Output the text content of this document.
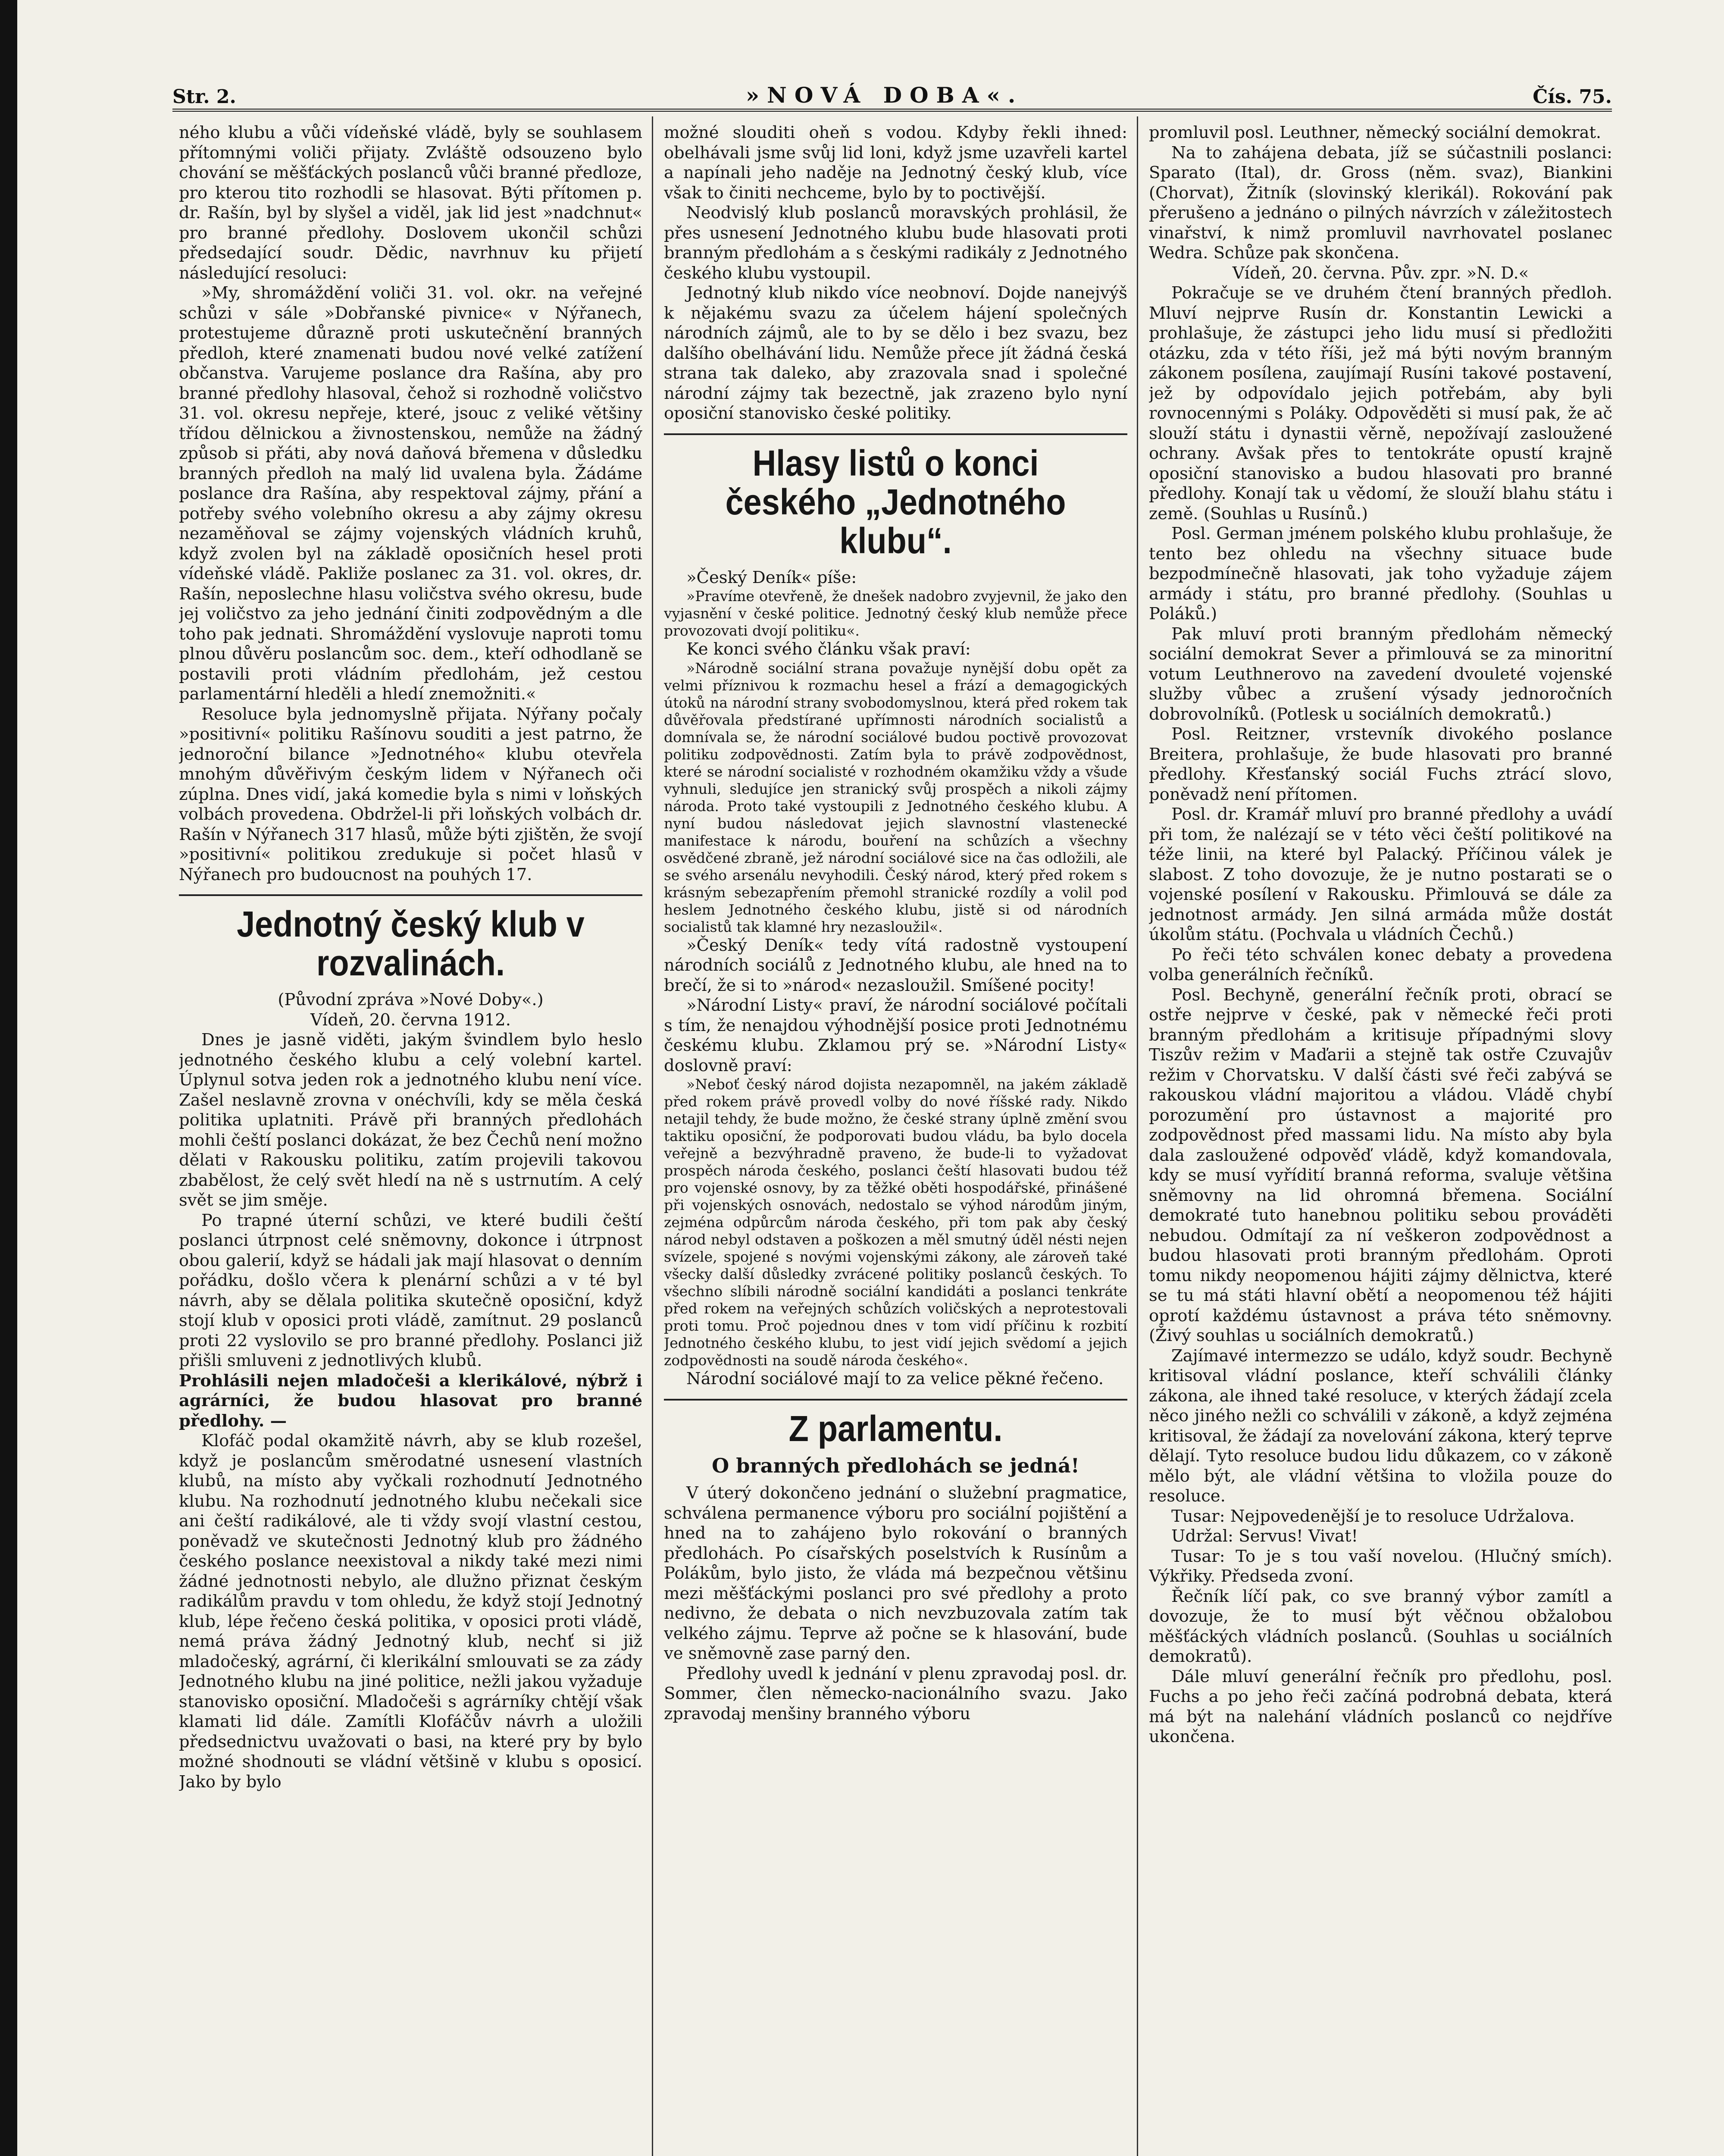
Str. 2.	»NOVÁ DOBA«.	Čís. 75.

ného klubu a vůči vídeňské vládě, byly se souhlasem přítomnými voliči přijaty. Zvláště odsouzeno bylo chování se měšťáckých poslanců vůči branné předloze, pro kterou tito rozhodli se hlasovat. Býti přítomen p. dr. Rašín, byl by slyšel a viděl, jak lid jest »nadchnut« pro branné předlohy. Doslovem ukončil schůzi předsedající soudr. Dědic, navrhnuv ku přijetí následující resoluci:

»My, shromáždění voliči 31. vol. okr. na veřejné schůzi v sále »Dobřanské pivnice« v Nýřanech, protestujeme důrazně proti uskutečnění branných předloh, které znamenati budou nové velké zatížení občanstva. Varujeme poslance dra Rašína, aby pro branné předlohy hlasoval, čehož si rozhodně voličstvo 31. vol. okresu nepřeje, které, jsouc z veliké většiny třídou dělnickou a živnostenskou, nemůže na žádný způsob si přáti, aby nová daňová břemena v důsledku branných předloh na malý lid uvalena byla. Žádáme poslance dra Rašína, aby respektoval zájmy, přání a potřeby svého volebního okresu a aby zájmy okresu nezaměňoval se zájmy vojenských vládních kruhů, když zvolen byl na základě oposičních hesel proti vídeňské vládě. Pakliže poslanec za 31. vol. okres, dr. Rašín, neposlechne hlasu voličstva svého okresu, bude jej voličstvo za jeho jednání činiti zodpovědným a dle toho pak jednati. Shromáždění vyslovuje naproti tomu plnou důvěru poslancům soc. dem., kteří odhodlaně se postavili proti vládním předlohám, jež cestou parlamentární hleděli a hledí znemožniti.«

Resoluce byla jednomyslně přijata. Nýřany počaly »positivní« politiku Rašínovu souditi a jest patrno, že jednoroční bilance »Jednotného« klubu otevřela mnohým důvěřivým českým lidem v Nýřanech oči zúplna. Dnes vidí, jaká komedie byla s nimi v loňských volbách provedena. Obdržel-li při loňských volbách dr. Rašín v Nýřanech 317 hlasů, může býti zjištěn, že svojí »positivní« politikou zredukuje si počet hlasů v Nýřanech pro budoucnost na pouhých 17.

Jednotný český klub v rozvalinách.

(Původní zpráva »Nové Doby«.)

Vídeň, 20. června 1912.

Dnes je jasně viděti, jakým švindlem bylo heslo jednotného českého klubu a celý volební kartel. Úplynul sotva jeden rok a jednotného klubu není více. Zašel neslavně zrovna v onéchvíli, kdy se měla česká politika uplatniti. Právě při branných předlohách mohli čeští poslanci dokázat, že bez Čechů není možno dělati v Rakousku politiku, zatím projevili takovou zbabělost, že celý svět hledí na ně s ustrnutím. A celý svět se jim směje.

Po trapné úterní schůzi, ve které budili čeští poslanci útrpnost celé sněmovny, dokonce i útrpnost obou galerií, když se hádali jak mají hlasovat o denním pořádku, došlo včera k plenární schůzi a v té byl návrh, aby se dělala politika skutečně oposiční, když stojí klub v oposici proti vládě, zamítnut. 29 poslanců proti 22 vyslovilo se pro branné předlohy. Poslanci již přišli smluveni z jednotlivých klubů.

Prohlásili nejen mladočeši a klerikálové, nýbrž i agrárníci, že budou hlasovat pro branné předlohy. —

Klofáč podal okamžitě návrh, aby se klub rozešel, když je poslancům směrodatné usnesení vlastních klubů, na místo aby vyčkali rozhodnutí Jednotného klubu. Na rozhodnutí jednotného klubu nečekali sice ani čeští radikálové, ale ti vždy svojí vlastní cestou, poněvadž ve skutečnosti Jednotný klub pro žádného českého poslance neexistoval a nikdy také mezi nimi žádné jednotnosti nebylo, ale dlužno přiznat českým radikálům pravdu v tom ohledu, že když stojí Jednotný klub, lépe řečeno česká politika, v oposici proti vládě, nemá práva žádný Jednotný klub, nechť si již mladočeský, agrární, či klerikální smlouvati se za zády Jednotného klubu na jiné politice, nežli jakou vyžaduje stanovisko oposiční. Mladočeši s agrárníky chtějí však klamati lid dále. Zamítli Klofáčův návrh a uložili předsednictvu uvažovati o basi, na které pry by bylo možné shodnouti se vládní většině v klubu s oposicí. Jako by bylo

možné slouditi oheň s vodou. Kdyby řekli ihned: obelhávali jsme svůj lid loni, když jsme uzavřeli kartel a napínali jeho naděje na Jednotný český klub, více však to činiti nechceme, bylo by to poctivější.

Neodvislý klub poslanců moravských prohlásil, že přes usnesení Jednotného klubu bude hlasovati proti branným předlohám a s českými radikály z Jednotného českého klubu vystoupil.

Jednotný klub nikdo více neobnoví. Dojde nanejvýš k nějakému svazu za účelem hájení společných národních zájmů, ale to by se dělo i bez svazu, bez dalšího obelhávání lidu. Nemůže přece jít žádná česká strana tak daleko, aby zrazovala snad i společné národní zájmy tak bezectně, jak zrazeno bylo nyní oposiční stanovisko české politiky.

Hlasy listů o konci českého „Jednotného klubu“.

»Český Deník« píše:

»Pravíme otevřeně, že dnešek nadobro zvyjevnil, že jako den vyjasnění v české politice. Jednotný český klub nemůže přece provozovati dvojí politiku«.

Ke konci svého článku však praví:

»Národně sociální strana považuje nynější dobu opět za velmi příznivou k rozmachu hesel a frází a demagogických útoků na národní strany svobodomyslnou, která před rokem tak důvěřovala předstírané upřímnosti národních socialistů a domnívala se, že národní sociálové budou poctivě provozovat politiku zodpovědnosti. Zatím byla to právě zodpovědnost, které se národní socialisté v rozhodném okamžiku vždy a všude vyhnuli, sledujíce jen stranický svůj prospěch a nikoli zájmy národa. Proto také vystoupili z Jednotného českého klubu. A nyní budou následovat jejich slavnostní vlastenecké manifestace k národu, bouření na schůzích a všechny osvědčené zbraně, jež národní sociálové sice na čas odložili, ale se svého arsenálu nevyhodili. Český národ, který před rokem s krásným sebezapřením přemohl stranické rozdíly a volil pod heslem Jednotného českého klubu, jistě si od národních socialistů tak klamné hry nezasloužil«.

»Český Deník« tedy vítá radostně vystoupení národních sociálů z Jednotného klubu, ale hned na to brečí, že si to »národ« nezasloužil. Smíšené pocity!

»Národní Listy« praví, že národní sociálové počítali s tím, že nenajdou výhodnější posice proti Jednotnému českému klubu. Zklamou prý se. »Národní Listy« doslovně praví:

»Neboť český národ dojista nezapomněl, na jakém základě před rokem právě provedl volby do nové říšské rady. Nikdo netajil tehdy, že bude možno, že české strany úplně změní svou taktiku oposiční, že podporovati budou vládu, ba bylo docela veřejně a bezvýhradně praveno, že bude-li to vyžadovat prospěch národa českého, poslanci čeští hlasovati budou též pro vojenské osnovy, by za těžké oběti hospodářské, přinášené při vojenských osnovách, nedostalo se výhod národům jiným, zejména odpůrcům národa českého, při tom pak aby český národ nebyl odstaven a poškozen a měl smutný úděl nésti nejen svízele, spojené s novými vojenskými zákony, ale zároveň také všecky další důsledky zvrácené politiky poslanců českých. To všechno slíbili národně sociální kandidáti a poslanci tenkráte před rokem na veřejných schůzích voličských a neprotestovali proti tomu. Proč pojednou dnes v tom vidí příčinu k rozbití Jednotného českého klubu, to jest vidí jejich svědomí a jejich zodpovědnosti na soudě národa českého«.

Národní sociálové mají to za velice pěkné řečeno.

Z parlamentu.
O branných předlohách se jedná!

V úterý dokončeno jednání o služební pragmatice, schválena permanence výboru pro sociální pojištění a hned na to zahájeno bylo rokování o branných předlohách. Po císařských poselstvích k Rusínům a Polákům, bylo jisto, že vláda má bezpečnou většinu mezi měšťáckými poslanci pro své předlohy a proto nedivno, že debata o nich nevzbuzovala zatím tak velkého zájmu. Teprve až počne se k hlasování, bude ve sněmovně zase parný den.

Předlohy uvedl k jednání v plenu zpravodaj posl. dr. Sommer, člen německo-nacionálního svazu. Jako zpravodaj menšiny branného výboru

promluvil posl. Leuthner, německý sociální demokrat.

Na to zahájena debata, jíž se súčastnili poslanci: Sparato (Ital), dr. Gross (něm. svaz), Biankini (Chorvat), Žitník (slovinský klerikál). Rokování pak přerušeno a jednáno o pilných návrzích v záležitostech vinařství, k nimž promluvil navrhovatel poslanec Wedra. Schůze pak skončena.

Vídeň, 20. června. Pův. zpr. »N. D.«

Pokračuje se ve druhém čtení branných předloh. Mluví nejprve Rusín dr. Konstantin Lewicki a prohlašuje, že zástupci jeho lidu musí si předložiti otázku, zda v této říši, jež má býti novým branným zákonem posílena, zaujímají Rusíni takové postavení, jež by odpovídalo jejich potřebám, aby byli rovnocennými s Poláky. Odpověděti si musí pak, že ač slouží státu i dynastii věrně, nepožívají zasloužené ochrany. Avšak přes to tentokráte opustí krajně oposiční stanovisko a budou hlasovati pro branné předlohy. Konají tak u vědomí, že slouží blahu státu i země. (Souhlas u Rusínů.)

Posl. German jménem polského klubu prohlašuje, že tento bez ohledu na všechny situace bude bezpodmínečně hlasovati, jak toho vyžaduje zájem armády i státu, pro branné předlohy. (Souhlas u Poláků.)

Pak mluví proti branným předlohám německý sociální demokrat Sever a přimlouvá se za minoritní votum Leuthnerovo na zavedení dvouleté vojenské služby vůbec a zrušení výsady jednoročních dobrovolníků. (Potlesk u sociálních demokratů.)

Posl. Reitzner, vrstevník divokého poslance Breitera, prohlašuje, že bude hlasovati pro branné předlohy. Křesťanský sociál Fuchs ztrácí slovo, poněvadž není přítomen.

Posl. dr. Kramář mluví pro branné předlohy a uvádí při tom, že nalézají se v této věci čeští politikové na téže linii, na které byl Palacký. Příčinou válek je slabost. Z toho dovozuje, že je nutno postarati se o vojenské posílení v Rakousku. Přimlouvá se dále za jednotnost armády. Jen silná armáda může dostát úkolům státu. (Pochvala u vládních Čechů.)

Po řeči této schválen konec debaty a provedena volba generálních řečníků.

Posl. Bechyně, generální řečník proti, obrací se ostře nejprve v české, pak v německé řeči proti branným předlohám a kritisuje případnými slovy Tiszův režim v Maďarii a stejně tak ostře Czuvajův režim v Chorvatsku. V další části své řeči zabývá se rakouskou vládní majoritou a vládou. Vládě chybí porozumění pro ústavnost a majorité pro zodpovědnost před massami lidu. Na místo aby byla dala zasloužené odpověď vládě, když komandovala, kdy se musí vyřídití branná reforma, svaluje většina sněmovny na lid ohromná břemena. Sociální demokraté tuto hanebnou politiku sebou prováděti nebudou. Odmítají za ní veškeron zodpovědnost a budou hlasovati proti branným předlohám. Oproti tomu nikdy neopomenou hájiti zájmy dělnictva, které se tu má státi hlavní obětí a neopomenou též hájiti oprotí každému ústavnost a práva této sněmovny. (Živý souhlas u sociálních demokratů.)

Zajímavé intermezzo se událo, když soudr. Bechyně kritisoval vládní poslance, kteří schválili články zákona, ale ihned také resoluce, v kterých žádají zcela něco jiného nežli co schválili v zákoně, a když zejména kritisoval, že žádají za novelování zákona, který teprve dělají. Tyto resoluce budou lidu důkazem, co v zákoně mělo být, ale vládní většina to vložila pouze do resoluce.

Tusar: Nejpovedenější je to resoluce Udržalova.

Udržal: Servus! Vivat!

Tusar: To je s tou vaší novelou. (Hlučný smích). Výkřiky. Předseda zvoní.

Řečník líčí pak, co sve branný výbor zamítl a dovozuje, že to musí být věčnou obžalobou měšťáckých vládních poslanců. (Souhlas u sociálních demokratů).

Dále mluví generální řečník pro předlohu, posl. Fuchs a po jeho řeči začíná podrobná debata, která má být na nalehání vládních poslanců co nejdříve ukončena.
